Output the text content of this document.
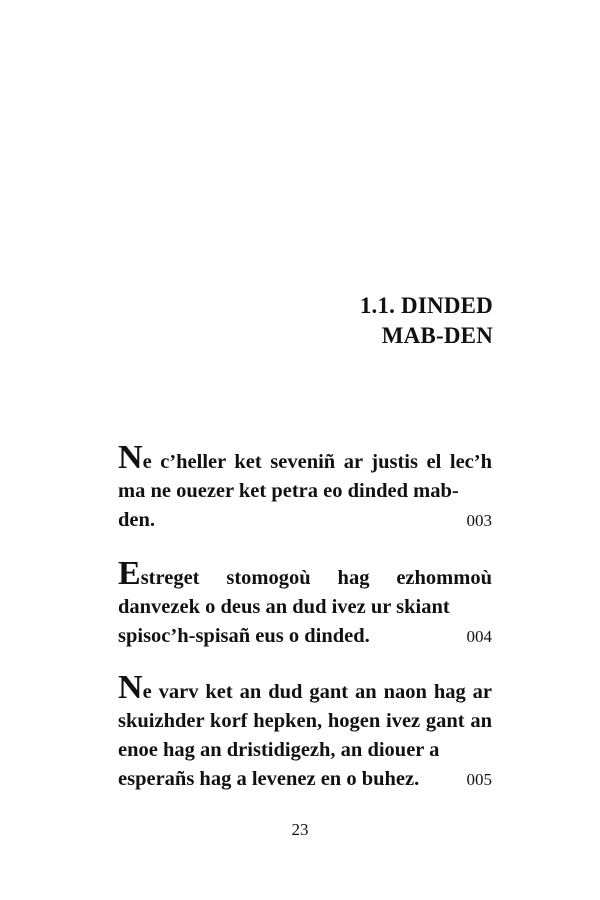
1.1. DINDED
MAB-DEN
Ne c’heller ket seveniñ ar justis el lec’h ma ne ouezer ket petra eo dinded mab-
den.	003
Estreget stomogoù hag ezhommoù danvezek o deus an dud ivez ur skiant
spisoc’h-spisañ eus o dinded.	004
Ne varv ket an dud gant an naon hag ar skuizhder korf hepken, hogen ivez gant an enoe hag an dristidigezh, an diouer a
esperañs hag a levenez en o buhez.	005
23
